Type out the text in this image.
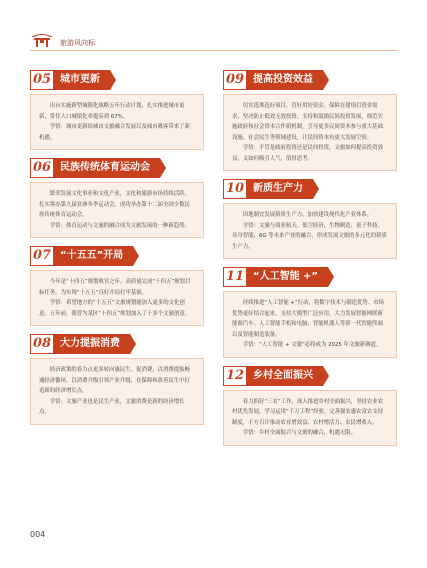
旅游风向标
05 城市更新

出台实施新型城镇化战略五年行动计划，扎实推进城市更新，常住人口城镇化率提高到 67%。

学悟：城市更新给城市文旅融合发展以及城市吸客带来了新机遇。

06 民族传统体育运动会

繁荣发展文化事业和文化产业，文化和旅游市场持续活跃，扎实筹办第九届亚洲冬季运动会，成功举办第十二届全国少数民族传统体育运动会。

学悟：体育运动与文旅的融合成为文旅发展的一种新趋势。

07 “十五五”开局

今年是“十四五”规划收官之年。高质量完成“十四五”规划目标任务，为实现“十五五”良好开局打牢基础。

学悟：希望地方的“十五五”文旅规划能加入更多的文化创意。五年前，我曾为某区“十四五”规划加入了十多个文旅创意。

08 大力提振消费

经济政策的着力点更多转向惠民生、促消费，以消费提振畅通经济循环，以消费升级引领产业升级，在保障和改善民生中打造新的经济增长点。

学悟：文旅产业也是民生产业，文旅消费是新的经济增长点。

09 提高投资效益

切实选准选好项目，管好用好资金，保障在建项目资金需求，坚决防止低效无效投资，支持和鼓励民间投资发展，规范实施政府和社会资本合作新机制，引导更多民间资本参与重大基础设施、社会民生等领域建设，让民间资本有更大发展空间。

学悟：不管是政府投资还是民间投资，文旅如何提高投资效益，又如何吸引人气，值得思考。

10 新质生产力

因地制宜发展新质生产力，加快建设现代化产业体系。

学悟：文旅与商业航天、低空经济、生物制造、量子科技、具身智能、6G 等未来产业的融合，形成发展文旅的多元化的新质生产力。

11 “人工智能 +”

持续推进“人工智能 +”行动，将数字技术与制造优势、市场优势更好结合起来，支持大模型广泛应用，大力发展智能网联新能源汽车、人工智能手机和电脑、智能机器人等新一代智能终端以及智能制造装备。

学悟：“人工智能 + 文旅”必将成为 2025 年文旅新赛道。

12 乡村全面振兴

着力抓好“三农”工作，深入推进乡村全面振兴，坚持农业农村优先发展，学习运用“千万工程”经验，完善强农惠农富农支持制度，千方百计推动农业增效益、农村增活力、农民增收入。

学悟：乡村全面振兴与文旅的融合，机遇无限。

004
